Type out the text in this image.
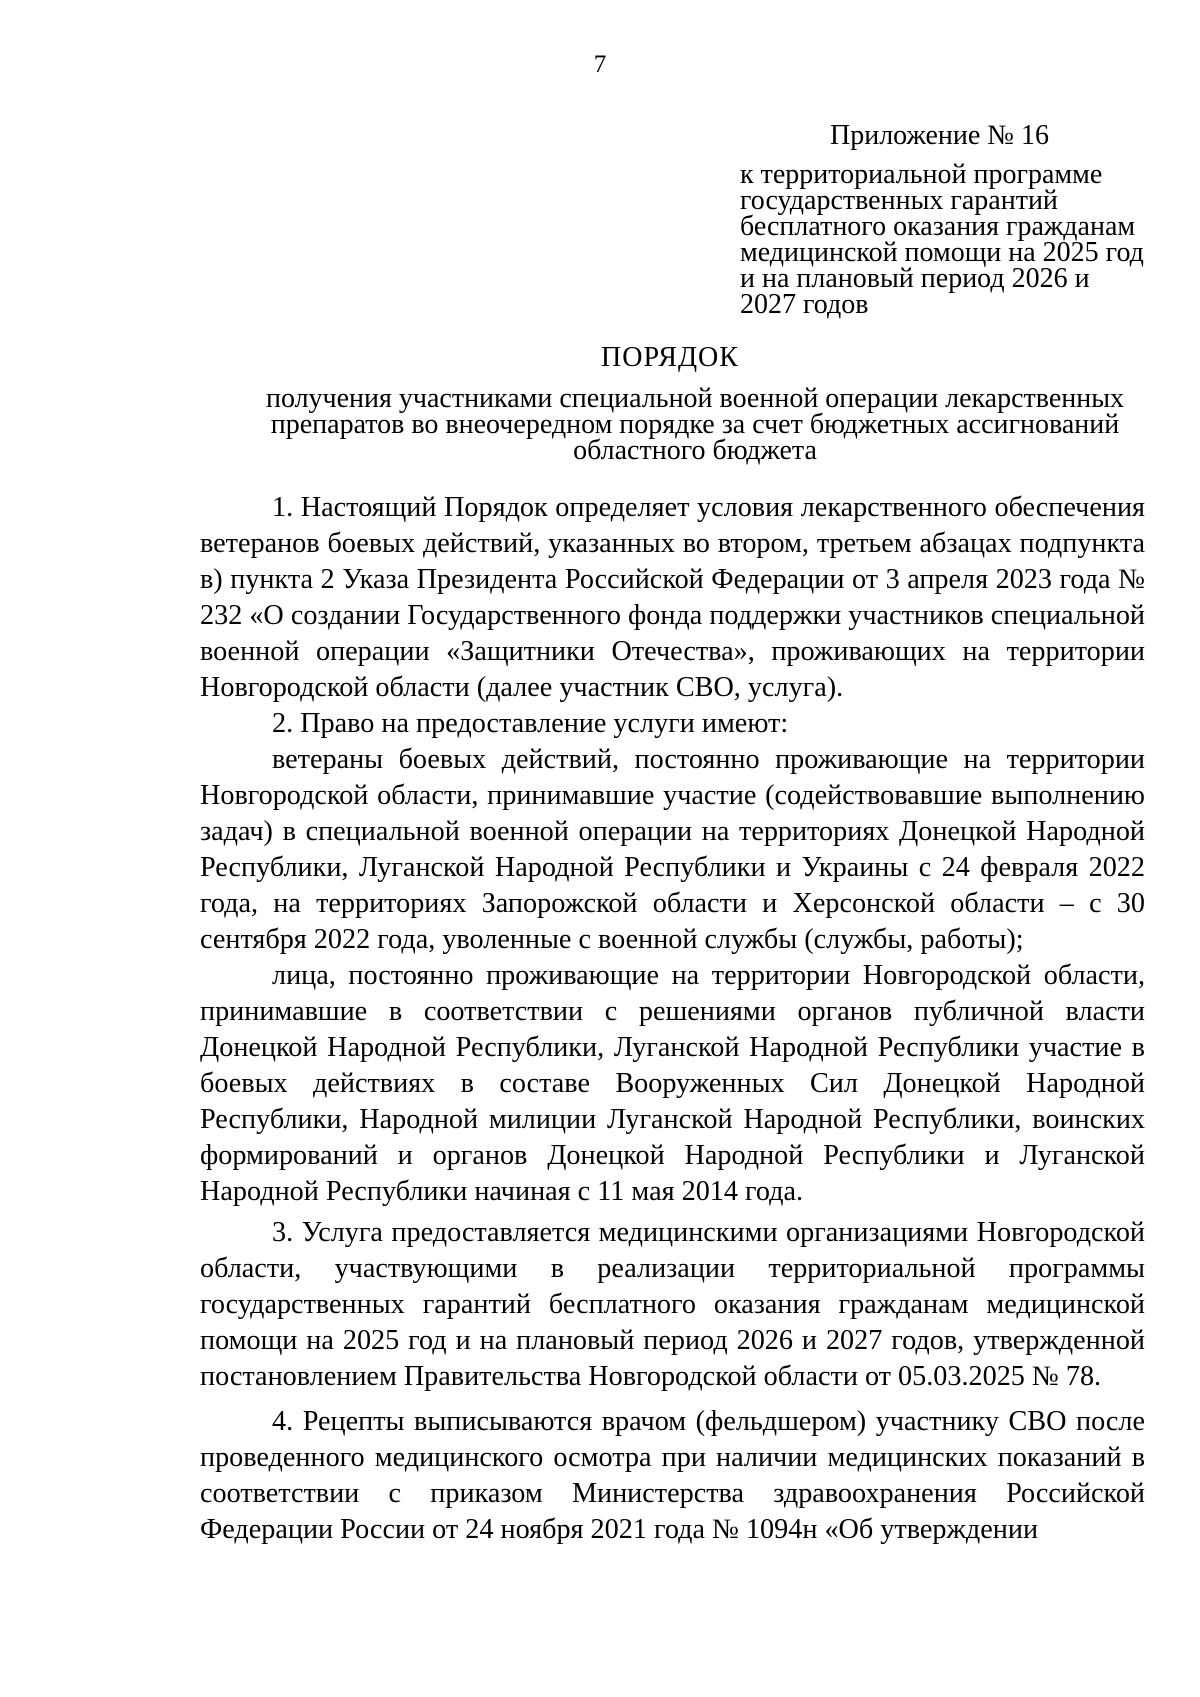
7
Приложение № 16
к территориальной программе
государственных гарантий
бесплатного оказания гражданам
медицинской помощи на 2025 год
и на плановый период 2026 и
2027 годов
ПОРЯДОК
получения участниками специальной военной операции лекарственных
препаратов во внеочередном порядке за счет бюджетных ассигнований
областного бюджета

1. Настоящий Порядок определяет условия лекарственного обеспечения ветеранов боевых действий, указанных во втором, третьем абзацах подпункта в) пункта 2 Указа Президента Российской Федерации от 3 апреля 2023 года № 232 «О создании Государственного фонда поддержки участников специальной военной операции «Защитники Отечества», проживающих на территории Новгородской области (далее участник СВО, услуга).

2. Право на предоставление услуги имеют:

ветераны боевых действий, постоянно проживающие на территории Новгородской области, принимавшие участие (содействовавшие выполнению задач) в специальной военной операции на территориях Донецкой Народной Республики, Луганской Народной Республики и Украины с 24 февраля 2022 года, на территориях Запорожской области и Херсонской области – с 30 сентября 2022 года, уволенные с военной службы (службы, работы);

лица, постоянно проживающие на территории Новгородской области, принимавшие в соответствии с решениями органов публичной власти Донецкой Народной Республики, Луганской Народной Республики участие в боевых действиях в составе Вооруженных Сил Донецкой Народной Республики, Народной милиции Луганской Народной Республики, воинских формирований и органов Донецкой Народной Республики и Луганской Народной Республики начиная с 11 мая 2014 года.

3. Услуга предоставляется медицинскими организациями Новгородской области, участвующими в реализации территориальной программы государственных гарантий бесплатного оказания гражданам медицинской помощи на 2025 год и на плановый период 2026 и 2027 годов, утвержденной постановлением Правительства Новгородской области от 05.03.2025 № 78.

4. Рецепты выписываются врачом (фельдшером) участнику СВО после проведенного медицинского осмотра при наличии медицинских показаний в соответствии с приказом Министерства здравоохранения Российской Федерации России от 24 ноября 2021 года № 1094н «Об утверждении
